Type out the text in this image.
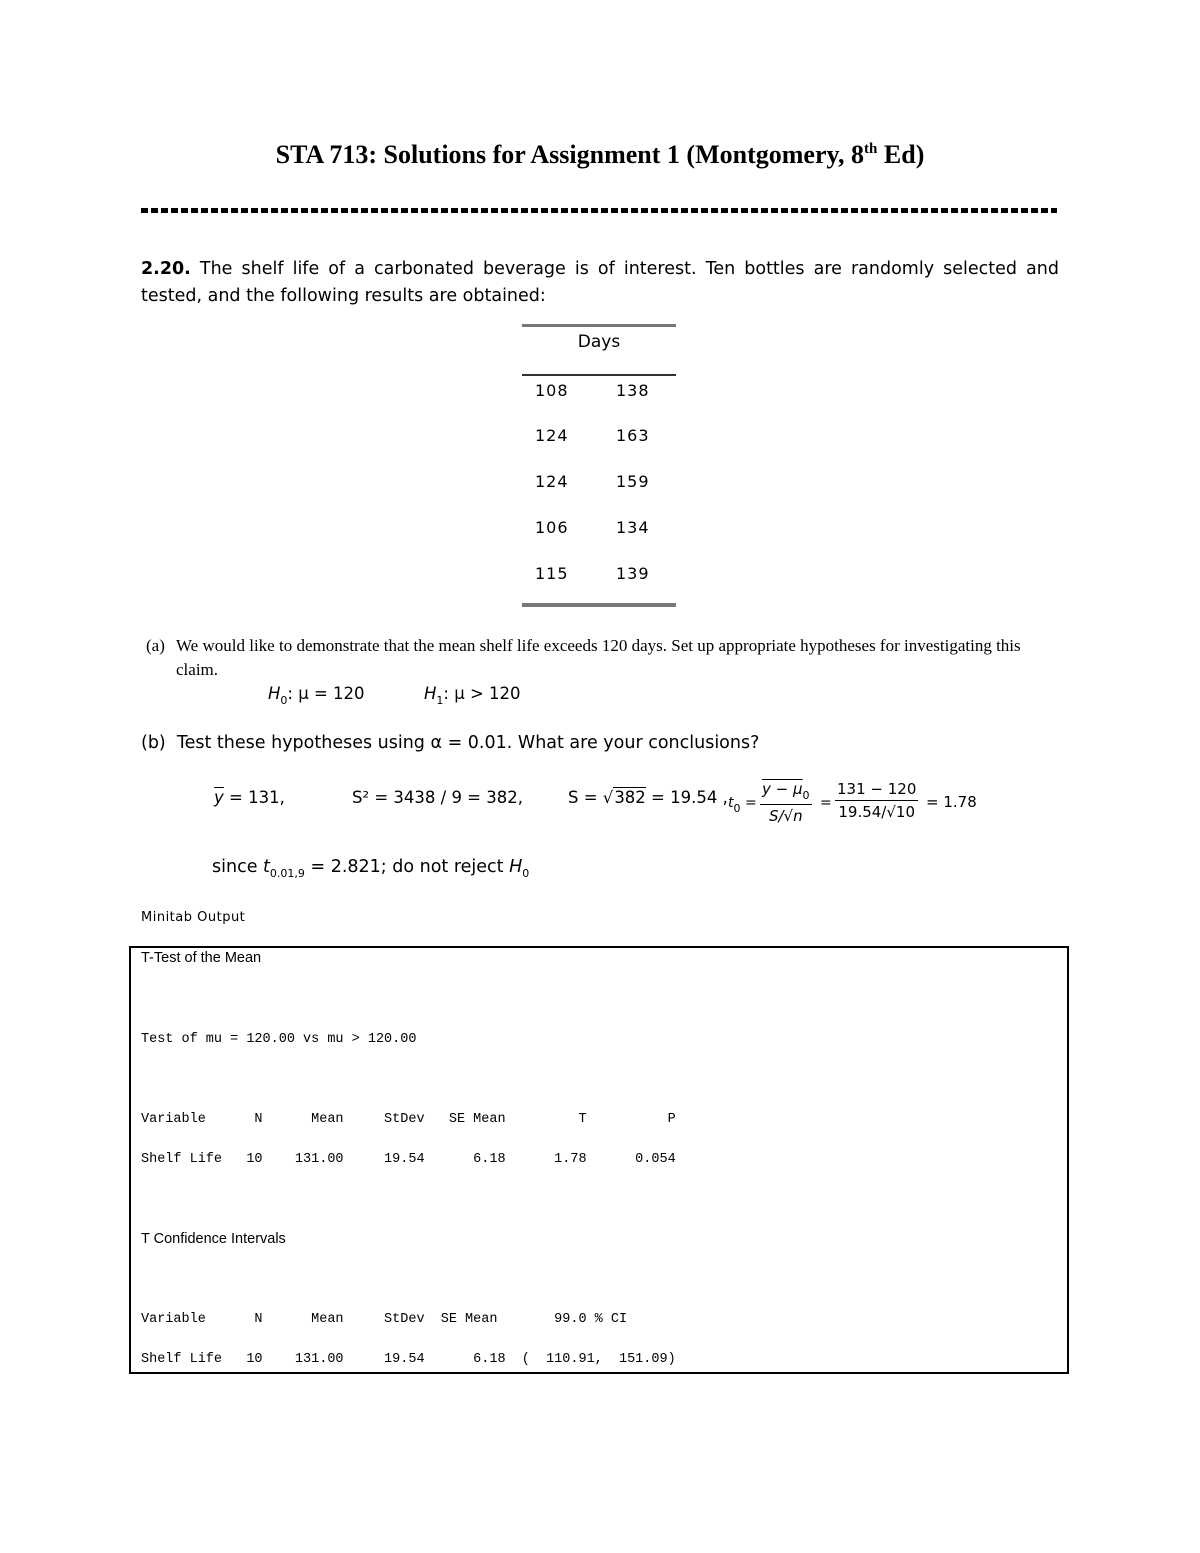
STA 713: Solutions for Assignment 1 (Montgomery, 8th Ed)
2.20. The shelf life of a carbonated beverage is of interest. Ten bottles are randomly selected and tested, and the following results are obtained:
Days
108	138
124	163
124	159
106	134
115	139
(a) We would like to demonstrate that the mean shelf life exceeds 120 days. Set up appropriate hypotheses for investigating this claim.
$H_0$: μ = 120	$H_1$: μ > 120
(b) Test these hypotheses using α = 0.01. What are your conclusions?
$\overline{y} = 131$,	S² = 3438 / 9 = 382,	S = √382 = 19.54 , $t_0 = \frac{y - \mu_0}{S/√n} = \frac{131 - 120}{19.54/√10} = 1.78$
since $t_{0.01,9} = 2.821$; do not reject $H_0$
Minitab Output
T-Test of the Mean
Test of mu = 120.00 vs mu > 120.00
Variable      N      Mean     StDev   SE Mean         T          P
Shelf Life   10    131.00     19.54      6.18      1.78      0.054
T Confidence Intervals
Variable      N      Mean     StDev  SE Mean       99.0 % CI
Shelf Life   10    131.00     19.54      6.18  (  110.91,  151.09)
